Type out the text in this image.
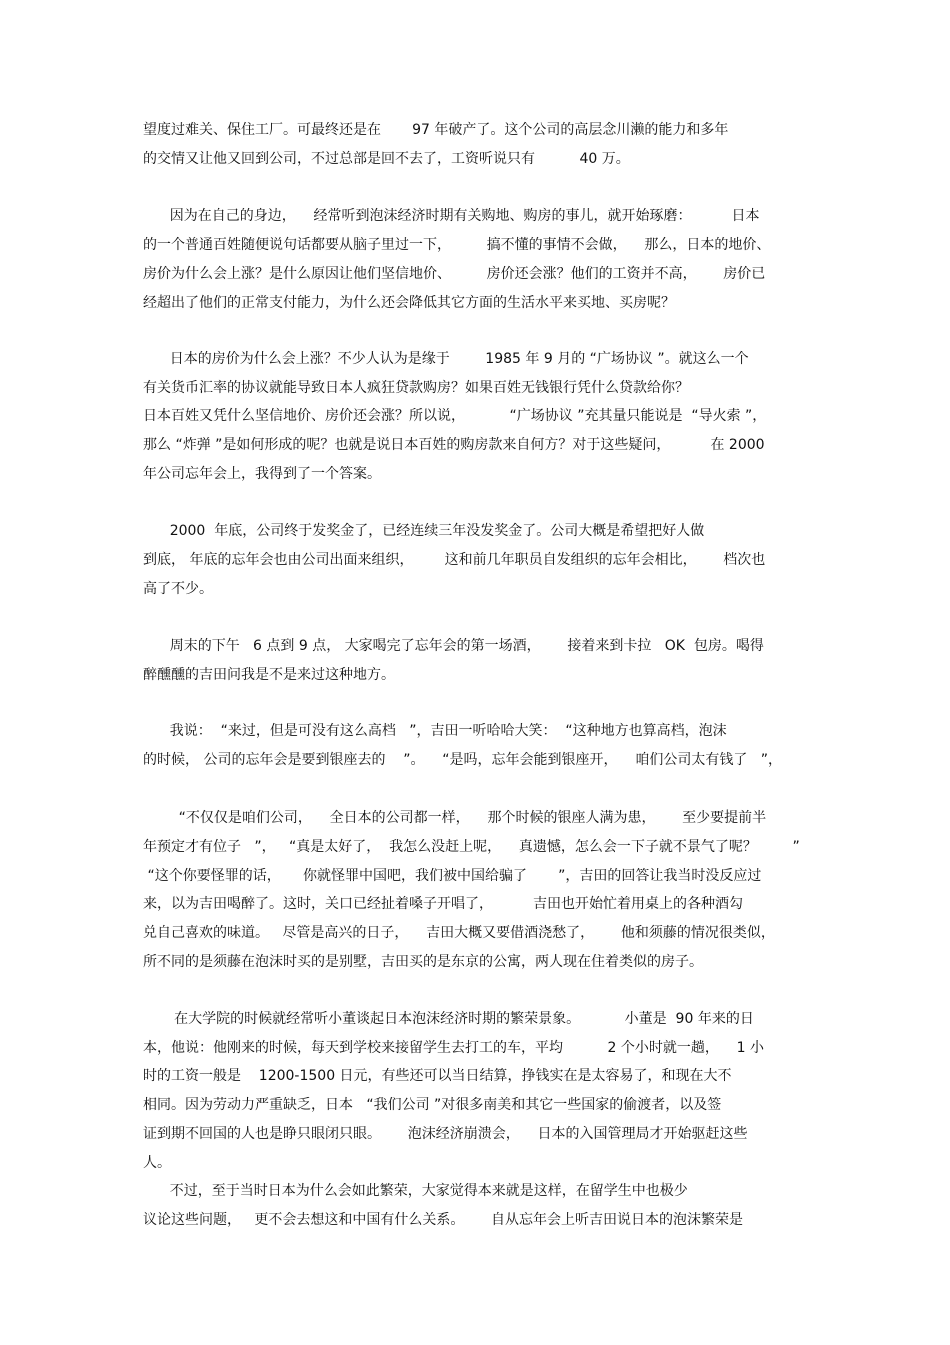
望度过难关、保住工厂。可最终还是在       97 年破产了。这个公司的高层念川濑的能力和多年
的交情又让他又回到公司，不过总部是回不去了，工资听说只有          40 万。
因为在自己的身边，    经常听到泡沫经济时期有关购地、购房的事儿，就开始琢磨：         日本
的一个普通百姓随便说句话都要从脑子里过一下，        搞不懂的事情不会做，    那么，日本的地价、
房价为什么会上涨？是什么原因让他们坚信地价、        房价还会涨？他们的工资并不高，      房价已
经超出了他们的正常支付能力，为什么还会降低其它方面的生活水平来买地、买房呢？
日本的房价为什么会上涨？不少人认为是缘于        1985 年 9 月的 “广场协议 ”。就这么一个
有关货币汇率的协议就能导致日本人疯狂贷款购房？如果百姓无钱银行凭什么贷款给你？
日本百姓又凭什么坚信地价、房价还会涨？所以说，          “广场协议 ”充其量只能说是  “导火索 ”，
那么 “炸弹 ”是如何形成的呢？也就是说日本百姓的购房款来自何方？对于这些疑问，         在 2000
年公司忘年会上，我得到了一个答案。
2000  年底，公司终于发奖金了，已经连续三年没发奖金了。公司大概是希望把好人做
到底， 年底的忘年会也由公司出面来组织，       这和前几年职员自发组织的忘年会相比，      档次也
高了不少。
周末的下午   6 点到 9 点， 大家喝完了忘年会的第一场酒，      接着来到卡拉   OK  包房。喝得
醉醺醺的吉田问我是不是来过这种地方。
我说：  “来过，但是可没有这么高档   ”，吉田一听哈哈大笑：  “这种地方也算高档，泡沫
的时候， 公司的忘年会是要到银座去的    ”。    “是吗，忘年会能到银座开，    咱们公司太有钱了   ”，
“不仅仅是咱们公司，    全日本的公司都一样，    那个时候的银座人满为患，      至少要提前半
年预定才有位子   ”，   “真是太好了，  我怎么没赶上呢，    真遗憾，怎么会一下子就不景气了呢？        ”
“这个你要怪罪的话，     你就怪罪中国吧，我们被中国给骗了       ”，吉田的回答让我当时没反应过
来，以为吉田喝醉了。这时，关口已经扯着嗓子开唱了，         吉田也开始忙着用桌上的各种酒勾
兑自己喜欢的味道。   尽管是高兴的日子，    吉田大概又要借酒浇愁了，      他和须藤的情况很类似，
所不同的是须藤在泡沫时买的是别墅，吉田买的是东京的公寓，两人现在住着类似的房子。
在大学院的时候就经常听小董谈起日本泡沫经济时期的繁荣景象。          小董是  90 年来的日
本，他说：他刚来的时候，每天到学校来接留学生去打工的车，平均          2 个小时就一趟，    1 小
时的工资一般是    1200-1500 日元，有些还可以当日结算，挣钱实在是太容易了，和现在大不
相同。因为劳动力严重缺乏，日本   “我们公司 ”对很多南美和其它一些国家的偷渡者，以及签
证到期不回国的人也是睁只眼闭只眼。      泡沫经济崩溃会，    日本的入国管理局才开始驱赶这些
人。
不过，至于当时日本为什么会如此繁荣，大家觉得本来就是这样，在留学生中也极少
议论这些问题，   更不会去想这和中国有什么关系。      自从忘年会上听吉田说日本的泡沫繁荣是
